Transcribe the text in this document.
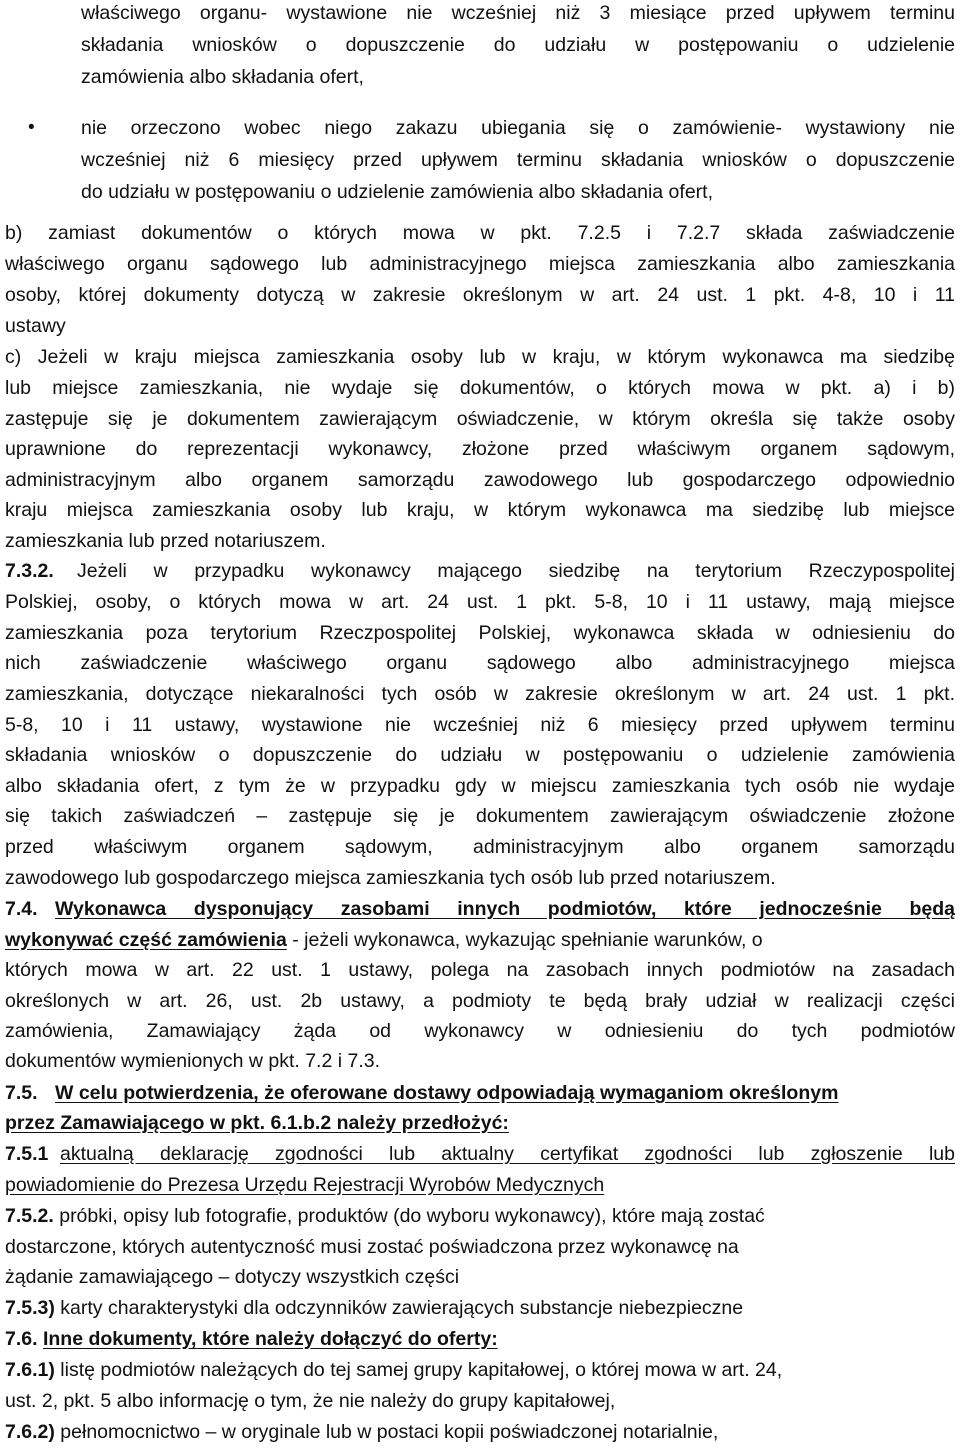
właściwego organu- wystawione nie wcześniej niż 3 miesiące przed upływem terminu
składania wniosków o dopuszczenie do udziału w postępowaniu o udzielenie
zamówienia albo składania ofert,
• nie orzeczono wobec niego zakazu ubiegania się o zamówienie- wystawiony nie
wcześniej niż 6 miesięcy przed upływem terminu składania wniosków o dopuszczenie
do udziału w postępowaniu o udzielenie zamówienia albo składania ofert,
b) zamiast dokumentów o których mowa w pkt. 7.2.5 i 7.2.7 składa zaświadczenie
właściwego organu sądowego lub administracyjnego miejsca zamieszkania albo zamieszkania
osoby, której dokumenty dotyczą w zakresie określonym w art. 24 ust. 1 pkt. 4-8, 10 i 11
ustawy
c) Jeżeli w kraju miejsca zamieszkania osoby lub w kraju, w którym wykonawca ma siedzibę
lub miejsce zamieszkania, nie wydaje się dokumentów, o których mowa w pkt. a) i b)
zastępuje się je dokumentem zawierającym oświadczenie, w którym określa się także osoby
uprawnione do reprezentacji wykonawcy, złożone przed właściwym organem sądowym,
administracyjnym albo organem samorządu zawodowego lub gospodarczego odpowiednio
kraju miejsca zamieszkania osoby lub kraju, w którym wykonawca ma siedzibę lub miejsce
zamieszkania lub przed notariuszem.
7.3.2.	Jeżeli w przypadku wykonawcy mającego siedzibę na terytorium Rzeczypospolitej
Polskiej, osoby, o których mowa w art. 24 ust. 1 pkt. 5-8, 10 i 11 ustawy, mają miejsce
zamieszkania poza terytorium Rzeczpospolitej Polskiej, wykonawca składa w odniesieniu do
nich zaświadczenie właściwego organu sądowego albo administracyjnego miejsca
zamieszkania, dotyczące niekaralności tych osób w zakresie określonym w art. 24 ust. 1 pkt.
5-8, 10 i 11 ustawy, wystawione nie wcześniej niż 6 miesięcy przed upływem terminu
składania wniosków o dopuszczenie do udziału w postępowaniu o udzielenie zamówienia
albo składania ofert, z tym że w przypadku gdy w miejscu zamieszkania tych osób nie wydaje
się takich zaświadczeń – zastępuje się je dokumentem zawierającym oświadczenie złożone
przed właściwym organem sądowym, administracyjnym albo organem samorządu
zawodowego lub gospodarczego miejsca zamieszkania tych osób lub przed notariuszem.
7.4. Wykonawca dysponujący zasobami innych podmiotów, które jednocześnie będą
wykonywać część zamówienia - jeżeli wykonawca, wykazując spełnianie warunków, o
których mowa w art. 22 ust. 1 ustawy, polega na zasobach innych podmiotów na zasadach
określonych w art. 26, ust. 2b ustawy, a podmioty te będą brały udział w realizacji części
zamówienia, Zamawiający żąda od wykonawcy w odniesieniu do tych podmiotów
dokumentów wymienionych w pkt. 7.2 i 7.3.
7.5. W celu potwierdzenia, że oferowane dostawy odpowiadają wymaganiom określonym
przez Zamawiającego w pkt. 6.1.b.2 należy przedłożyć:
7.5.1 aktualną deklarację zgodności lub aktualny certyfikat zgodności lub zgłoszenie lub
powiadomienie do Prezesa Urzędu Rejestracji Wyrobów Medycznych
7.5.2. próbki, opisy lub fotografie, produktów (do wyboru wykonawcy), które mają zostać
dostarczone, których autentyczność musi zostać poświadczona przez wykonawcę na
żądanie zamawiającego – dotyczy wszystkich części
7.5.3) karty charakterystyki dla odczynników zawierających substancje niebezpieczne
7.6. Inne dokumenty, które należy dołączyć do oferty:
7.6.1) listę podmiotów należących do tej samej grupy kapitałowej, o której mowa w art. 24,
ust. 2, pkt. 5 albo informację o tym, że nie należy do grupy kapitałowej,
7.6.2) pełnomocnictwo – w oryginale lub w postaci kopii poświadczonej notarialnie,
